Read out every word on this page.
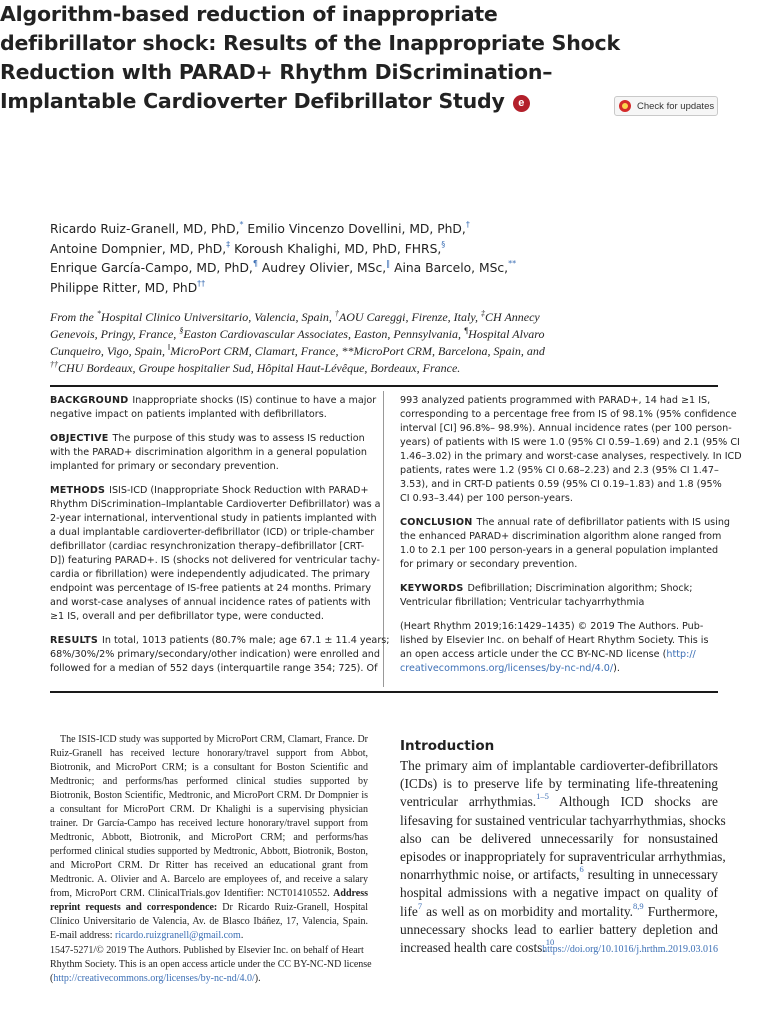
Algorithm-based reduction of inappropriate
defibrillator shock: Results of the Inappropriate Shock
Reduction wIth PARAD+ Rhythm DiScrimination–
Implantable Cardioverter Defibrillator Study e	Check for updates
Ricardo Ruiz-Granell, MD, PhD,* Emilio Vincenzo Dovellini, MD, PhD,†
Antoine Dompnier, MD, PhD,‡ Koroush Khalighi, MD, PhD, FHRS,§
Enrique García-Campo, MD, PhD,¶ Audrey Olivier, MSc,‖ Aina Barcelo, MSc,**
Philippe Ritter, MD, PhD††
From the *Hospital Clinico Universitario, Valencia, Spain, †AOU Careggi, Firenze, Italy, ‡CH Annecy
Genevois, Pringy, France, §Easton Cardiovascular Associates, Easton, Pennsylvania, ¶Hospital Alvaro
Cunqueiro, Vigo, Spain, ‖MicroPort CRM, Clamart, France, **MicroPort CRM, Barcelona, Spain, and
††CHU Bordeaux, Groupe hospitalier Sud, Hôpital Haut-Lévêque, Bordeaux, France.
BACKGROUND Inappropriate shocks (IS) continue to have a major
negative impact on patients implanted with defibrillators.
OBJECTIVE The purpose of this study was to assess IS reduction
with the PARAD+ discrimination algorithm in a general population
implanted for primary or secondary prevention.
METHODS ISIS-ICD (Inappropriate Shock Reduction wIth PARAD+
Rhythm DiScrimination–Implantable Cardioverter Defibrillator) was a
2-year international, interventional study in patients implanted with
a dual implantable cardioverter-defibrillator (ICD) or triple-chamber
defibrillator (cardiac resynchronization therapy–defibrillator [CRT-
D]) featuring PARAD+. IS (shocks not delivered for ventricular tachy-
cardia or fibrillation) were independently adjudicated. The primary
endpoint was percentage of IS-free patients at 24 months. Primary
and worst-case analyses of annual incidence rates of patients with
≥1 IS, overall and per defibrillator type, were conducted.
RESULTS In total, 1013 patients (80.7% male; age 67.1 ± 11.4 years;
68%/30%/2% primary/secondary/other indication) were enrolled and
followed for a median of 552 days (interquartile range 354; 725). Of
993 analyzed patients programmed with PARAD+, 14 had ≥1 IS,
corresponding to a percentage free from IS of 98.1% (95% confidence
interval [CI] 96.8%– 98.9%). Annual incidence rates (per 100 person-
years) of patients with IS were 1.0 (95% CI 0.59–1.69) and 2.1 (95% CI
1.46–3.02) in the primary and worst-case analyses, respectively. In ICD
patients, rates were 1.2 (95% CI 0.68–2.23) and 2.3 (95% CI 1.47–
3.53), and in CRT-D patients 0.59 (95% CI 0.19–1.83) and 1.8 (95%
CI 0.93–3.44) per 100 person-years.
CONCLUSION The annual rate of defibrillator patients with IS using
the enhanced PARAD+ discrimination algorithm alone ranged from
1.0 to 2.1 per 100 person-years in a general population implanted
for primary or secondary prevention.
KEYWORDS Defibrillation; Discrimination algorithm; Shock;
Ventricular fibrillation; Ventricular tachyarrhythmia
(Heart Rhythm 2019;16:1429–1435) © 2019 The Authors. Pub-
lished by Elsevier Inc. on behalf of Heart Rhythm Society. This is
an open access article under the CC BY-NC-ND license (http://
creativecommons.org/licenses/by-nc-nd/4.0/).
The ISIS-ICD study was supported by MicroPort CRM, Clamart, France. Dr Ruiz-Granell has received lecture honorary/travel support from Abbot, Biotronik, and MicroPort CRM; is a consultant for Boston Scientific and Medtronic; and performs/has performed clinical studies supported by Biotronik, Boston Scientific, Medtronic, and MicroPort CRM. Dr Dompnier is a consultant for MicroPort CRM. Dr Khalighi is a supervising physician trainer. Dr García-Campo has received lecture honorary/travel support from Medtronic, Abbott, Biotronik, and MicroPort CRM; and performs/has performed clinical studies supported by Medtronic, Abbott, Biotronik, Boston, and MicroPort CRM. Dr Ritter has received an educational grant from Medtronic. A. Olivier and A. Barcelo are employees of, and receive a salary from, MicroPort CRM. ClinicalTrials.gov Identifier: NCT01410552. Address reprint requests and correspondence: Dr Ricardo Ruiz-Granell, Hospital Clínico Universitario de Valencia, Av. de Blasco Ibáñez, 17, Valencia, Spain. E-mail address: ricardo.ruizgranell@gmail.com.
1547-5271/© 2019 The Authors. Published by Elsevier Inc. on behalf of Heart
Rhythm Society. This is an open access article under the CC BY-NC-ND license
(http://creativecommons.org/licenses/by-nc-nd/4.0/).
Introduction
The primary aim of implantable cardioverter-defibrillators
(ICDs) is to preserve life by terminating life-threatening
ventricular arrhythmias.$^{1-5}$ Although ICD shocks are
lifesaving for sustained ventricular tachyarrhythmias, shocks
also can be delivered unnecessarily for nonsustained
episodes or inappropriately for supraventricular arrhythmias,
nonarrhythmic noise, or artifacts,$^6$ resulting in unnecessary
hospital admissions with a negative impact on quality of
life$^7$ as well as on morbidity and mortality.$^{8,9}$ Furthermore,
unnecessary shocks lead to earlier battery depletion and
increased health care costs.$^{10}$
https://doi.org/10.1016/j.hrthm.2019.03.016
